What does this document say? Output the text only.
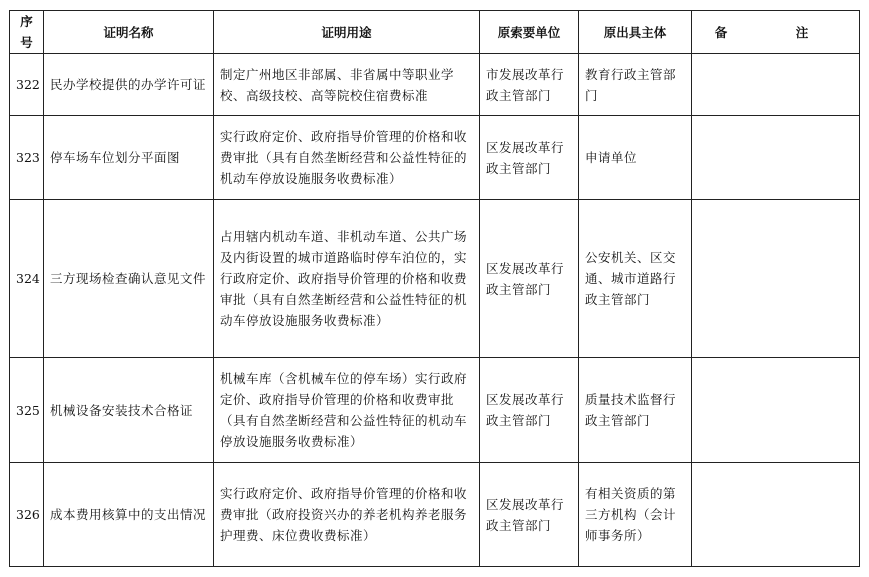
序号	证明名称	证明用途	原索要单位	原出具主体	备　注
322	民办学校提供的办学许可证	制定广州地区非部属、非省属中等职业学校、高级技校、高等院校住宿费标准	市发展改革行政主管部门	教育行政主管部门	
323	停车场车位划分平面图	实行政府定价、政府指导价管理的价格和收费审批（具有自然垄断经营和公益性特征的机动车停放设施服务收费标准）	区发展改革行政主管部门	申请单位	
324	三方现场检查确认意见文件	占用辖内机动车道、非机动车道、公共广场及内街设置的城市道路临时停车泊位的，实行政府定价、政府指导价管理的价格和收费审批（具有自然垄断经营和公益性特征的机动车停放设施服务收费标准）	区发展改革行政主管部门	公安机关、区交通、城市道路行政主管部门	
325	机械设备安装技术合格证	机械车库（含机械车位的停车场）实行政府定价、政府指导价管理的价格和收费审批（具有自然垄断经营和公益性特征的机动车停放设施服务收费标准）	区发展改革行政主管部门	质量技术监督行政主管部门	
326	成本费用核算中的支出情况	实行政府定价、政府指导价管理的价格和收费审批（政府投资兴办的养老机构养老服务护理费、床位费收费标准）	区发展改革行政主管部门	有相关资质的第三方机构（会计师事务所）	
